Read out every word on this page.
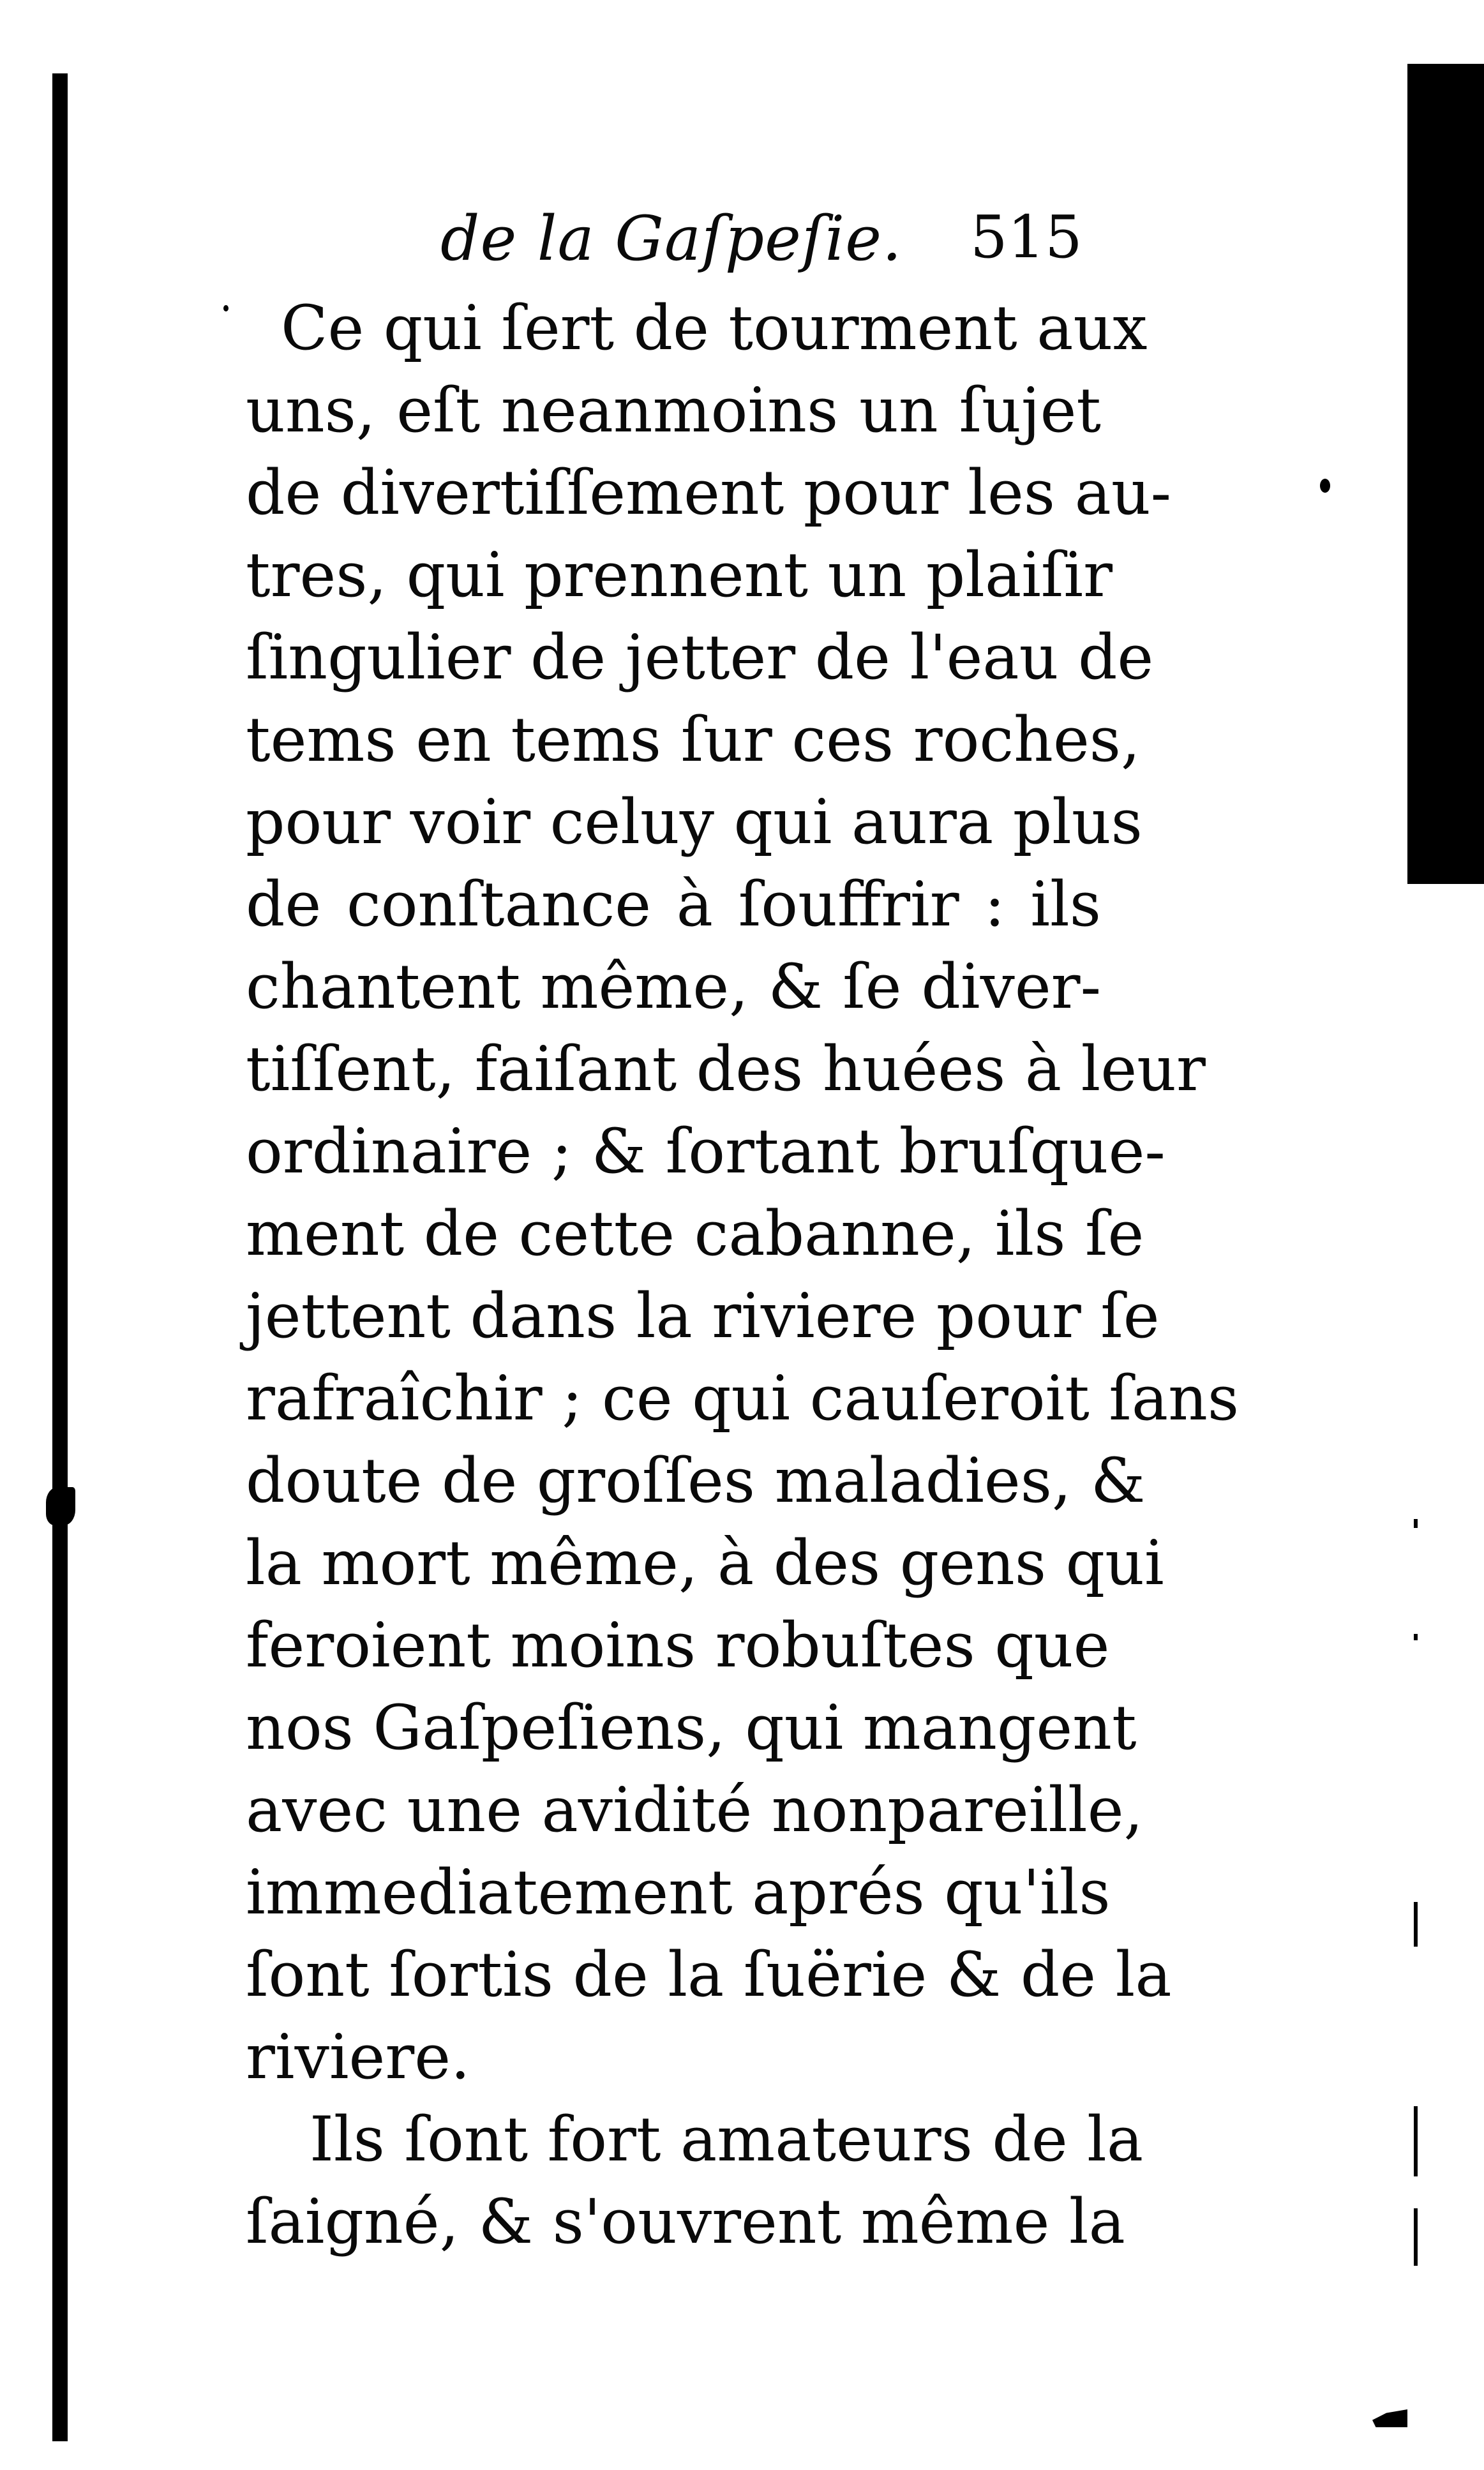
de la Gaſpeſie. 515
Ce qui ſert de tourment aux
uns, eſt neanmoins un ſujet
de divertiſſement pour les au-
tres, qui prennent un plaiſir
ſingulier de jetter de l'eau de
tems en tems ſur ces roches,
pour voir celuy qui aura plus
de conſtance à ſouffrir : ils
chantent même, & ſe diver-
tiſſent, faiſant des huées à leur
ordinaire ; & ſortant bruſque-
ment de cette cabanne, ils ſe
jettent dans la riviere pour ſe
rafraîchir ; ce qui cauſeroit ſans
doute de groſſes maladies, &
la mort même, à des gens qui
feroient moins robuſtes que
nos Gaſpeſiens, qui mangent
avec une avidité nonpareille,
immediatement aprés qu'ils
ſont ſortis de la ſuërie & de la
riviere.
Ils ſont fort amateurs de la
ſaigné, & s'ouvrent même la
